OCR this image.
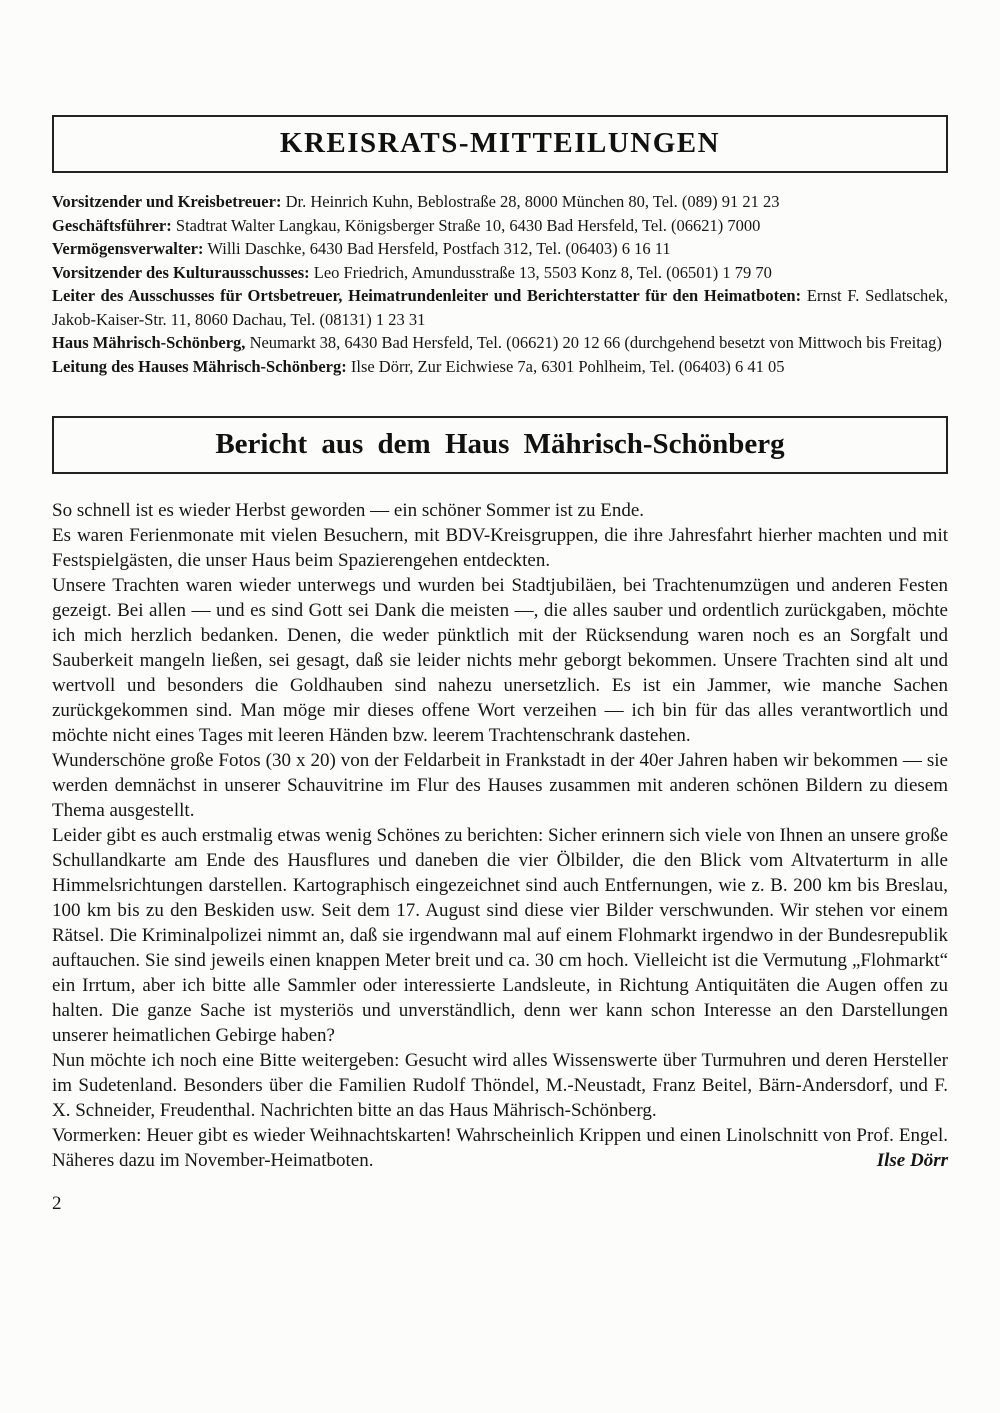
KREISRATS-MITTEILUNGEN

Vorsitzender und Kreisbetreuer: Dr. Heinrich Kuhn, Beblostraße 28, 8000 München 80, Tel. (089) 91 21 23

Geschäftsführer: Stadtrat Walter Langkau, Königsberger Straße 10, 6430 Bad Hersfeld, Tel. (06621) 7000

Vermögensverwalter: Willi Daschke, 6430 Bad Hersfeld, Postfach 312, Tel. (06403) 6 16 11

Vorsitzender des Kulturausschusses: Leo Friedrich, Amundusstraße 13, 5503 Konz 8, Tel. (06501) 1 79 70

Leiter des Ausschusses für Ortsbetreuer, Heimatrundenleiter und Berichterstatter für den Heimatboten: Ernst F. Sedlatschek, Jakob-Kaiser-Str. 11, 8060 Dachau, Tel. (08131) 1 23 31

Haus Mährisch-Schönberg, Neumarkt 38, 6430 Bad Hersfeld, Tel. (06621) 20 12 66 (durchgehend besetzt von Mittwoch bis Freitag)

Leitung des Hauses Mährisch-Schönberg: Ilse Dörr, Zur Eichwiese 7a, 6301 Pohlheim, Tel. (06403) 6 41 05

Bericht aus dem Haus Mährisch-Schönberg

So schnell ist es wieder Herbst geworden — ein schöner Sommer ist zu Ende.

Es waren Ferienmonate mit vielen Besuchern, mit BDV-Kreisgruppen, die ihre Jahresfahrt hierher machten und mit Festspielgästen, die unser Haus beim Spazierengehen entdeckten.

Unsere Trachten waren wieder unterwegs und wurden bei Stadtjubiläen, bei Trachtenumzügen und anderen Festen gezeigt. Bei allen — und es sind Gott sei Dank die meisten —, die alles sauber und ordentlich zurückgaben, möchte ich mich herzlich bedanken. Denen, die weder pünktlich mit der Rücksendung waren noch es an Sorgfalt und Sauberkeit mangeln ließen, sei gesagt, daß sie leider nichts mehr geborgt bekommen. Unsere Trachten sind alt und wertvoll und besonders die Goldhauben sind nahezu unersetzlich. Es ist ein Jammer, wie manche Sachen zurückgekommen sind. Man möge mir dieses offene Wort verzeihen — ich bin für das alles verantwortlich und möchte nicht eines Tages mit leeren Händen bzw. leerem Trachtenschrank dastehen.

Wunderschöne große Fotos (30 x 20) von der Feldarbeit in Frankstadt in der 40er Jahren haben wir bekommen — sie werden demnächst in unserer Schauvitrine im Flur des Hauses zusammen mit anderen schönen Bildern zu diesem Thema ausgestellt.

Leider gibt es auch erstmalig etwas wenig Schönes zu berichten: Sicher erinnern sich viele von Ihnen an unsere große Schullandkarte am Ende des Hausflures und daneben die vier Ölbilder, die den Blick vom Altvaterturm in alle Himmelsrichtungen darstellen. Kartographisch eingezeichnet sind auch Entfernungen, wie z. B. 200 km bis Breslau, 100 km bis zu den Beskiden usw. Seit dem 17. August sind diese vier Bilder verschwunden. Wir stehen vor einem Rätsel. Die Kriminalpolizei nimmt an, daß sie irgendwann mal auf einem Flohmarkt irgendwo in der Bundesrepublik auftauchen. Sie sind jeweils einen knappen Meter breit und ca. 30 cm hoch. Vielleicht ist die Vermutung „Flohmarkt“ ein Irrtum, aber ich bitte alle Sammler oder interessierte Landsleute, in Richtung Antiquitäten die Augen offen zu halten. Die ganze Sache ist mysteriös und unverständlich, denn wer kann schon Interesse an den Darstellungen unserer heimatlichen Gebirge haben?

Nun möchte ich noch eine Bitte weitergeben: Gesucht wird alles Wissenswerte über Turmuhren und deren Hersteller im Sudetenland. Besonders über die Familien Rudolf Thöndel, M.-Neustadt, Franz Beitel, Bärn-Andersdorf, und F. X. Schneider, Freudenthal. Nachrichten bitte an das Haus Mährisch-Schönberg.

Vormerken: Heuer gibt es wieder Weihnachtskarten! Wahrscheinlich Krippen und einen Linolschnitt von Prof. Engel. Näheres dazu im November-Heimatboten.	Ilse Dörr
2
